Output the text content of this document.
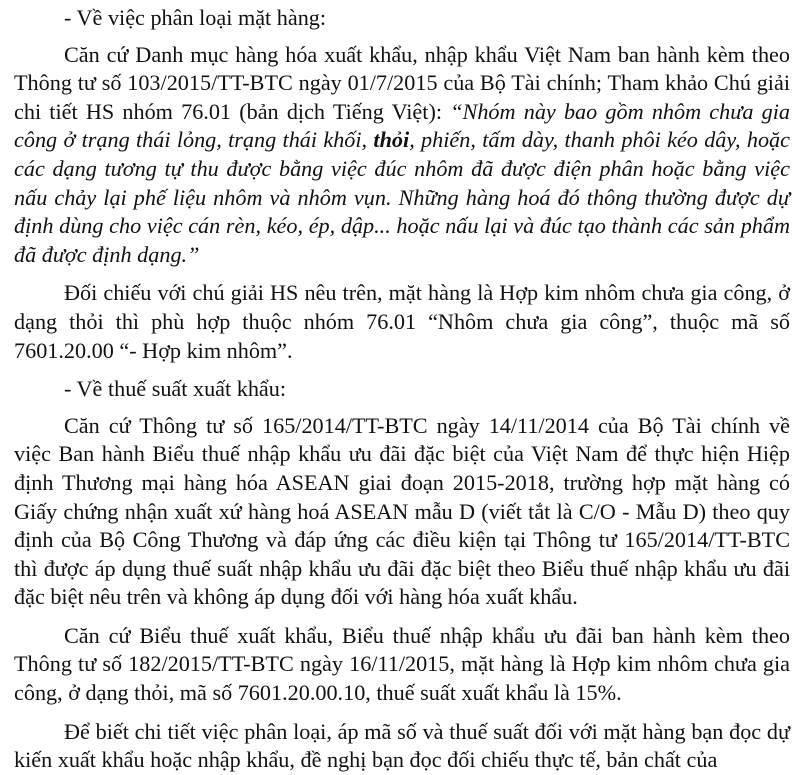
- Về việc phân loại mặt hàng:

Căn cứ Danh mục hàng hóa xuất khẩu, nhập khẩu Việt Nam ban hành kèm theo Thông tư số 103/2015/TT-BTC ngày 01/7/2015 của Bộ Tài chính; Tham khảo Chú giải chi tiết HS nhóm 76.01 (bản dịch Tiếng Việt): “Nhóm này bao gồm nhôm chưa gia công ở trạng thái lỏng, trạng thái khối, thỏi, phiến, tấm dày, thanh phôi kéo dây, hoặc các dạng tương tự thu được bằng việc đúc nhôm đã được điện phân hoặc bằng việc nấu chảy lại phế liệu nhôm và nhôm vụn. Những hàng hoá đó thông thường được dự định dùng cho việc cán rèn, kéo, ép, dập... hoặc nấu lại và đúc tạo thành các sản phẩm đã được định dạng.”

Đối chiếu với chú giải HS nêu trên, mặt hàng là Hợp kim nhôm chưa gia công, ở dạng thỏi thì phù hợp thuộc nhóm 76.01 “Nhôm chưa gia công”, thuộc mã số 7601.20.00 “- Hợp kim nhôm”.

- Về thuế suất xuất khẩu:

Căn cứ Thông tư số 165/2014/TT-BTC ngày 14/11/2014 của Bộ Tài chính về việc Ban hành Biểu thuế nhập khẩu ưu đãi đặc biệt của Việt Nam để thực hiện Hiệp định Thương mại hàng hóa ASEAN giai đoạn 2015-2018, trường hợp mặt hàng có Giấy chứng nhận xuất xứ hàng hoá ASEAN mẫu D (viết tắt là C/O - Mẫu D) theo quy định của Bộ Công Thương và đáp ứng các điều kiện tại Thông tư 165/2014/TT-BTC thì được áp dụng thuế suất nhập khẩu ưu đãi đặc biệt theo Biểu thuế nhập khẩu ưu đãi đặc biệt nêu trên và không áp dụng đối với hàng hóa xuất khẩu.

Căn cứ Biểu thuế xuất khẩu, Biểu thuế nhập khẩu ưu đãi ban hành kèm theo Thông tư số 182/2015/TT-BTC ngày 16/11/2015, mặt hàng là Hợp kim nhôm chưa gia công, ở dạng thỏi, mã số 7601.20.00.10, thuế suất xuất khẩu là 15%.

Để biết chi tiết việc phân loại, áp mã số và thuế suất đối với mặt hàng bạn đọc dự kiến xuất khẩu hoặc nhập khẩu, đề nghị bạn đọc đối chiếu thực tế, bản chất của
